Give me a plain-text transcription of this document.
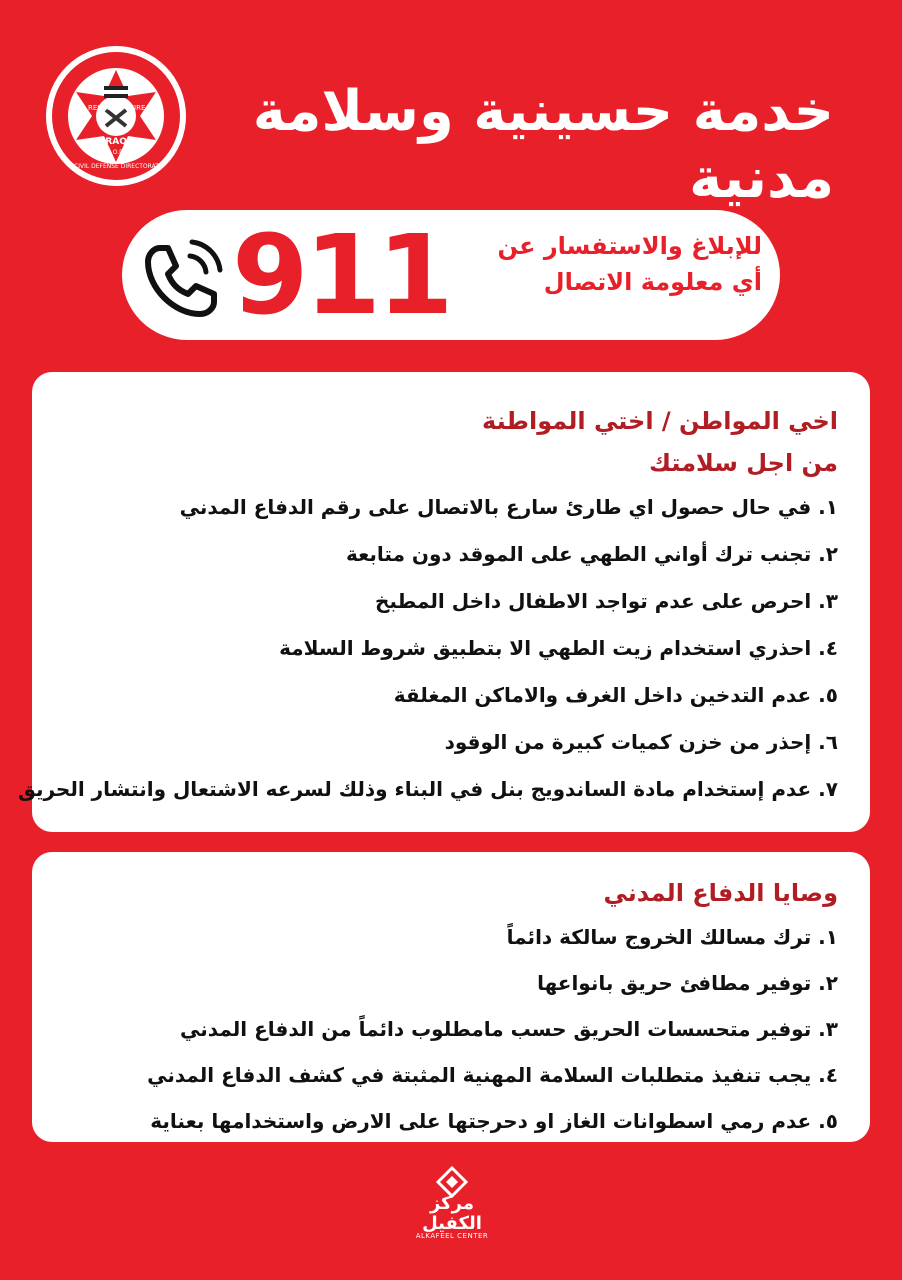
RESCUE FIRE
IRAQI
E.O.D
CIVIL DEFENSE DIRECTORATE
خدمة حسينية وسلامة مدنية
911	للإبلاغ والاستفسار عن
أي معلومة الاتصال
اخي المواطن / اختي المواطنة
من اجل سلامتك
١. في حال حصول اي طارئ سارع بالاتصال على رقم الدفاع المدني
٢. تجنب ترك أواني الطهي على الموقد دون متابعة
٣. احرص على عدم تواجد الاطفال داخل المطبخ
٤. احذري استخدام زيت الطهي الا بتطبيق شروط السلامة
٥. عدم التدخين داخل الغرف والاماكن المغلقة
٦. إحذر من خزن كميات كبيرة من الوقود
٧. عدم إستخدام مادة الساندويج بنل في البناء وذلك لسرعه الاشتعال وانتشار الحريق
وصايا الدفاع المدني
١. ترك مسالك الخروج سالكة دائماً
٢. توفير مطافئ حريق بانواعها
٣. توفير متحسسات الحريق حسب مامطلوب دائماً من الدفاع المدني
٤. يجب تنفيذ متطلبات السلامة المهنية المثبتة في كشف الدفاع المدني
٥. عدم رمي اسطوانات الغاز او دحرجتها على الارض واستخدامها بعناية
مركز
الكفيل
ALKAFEEL CENTER
